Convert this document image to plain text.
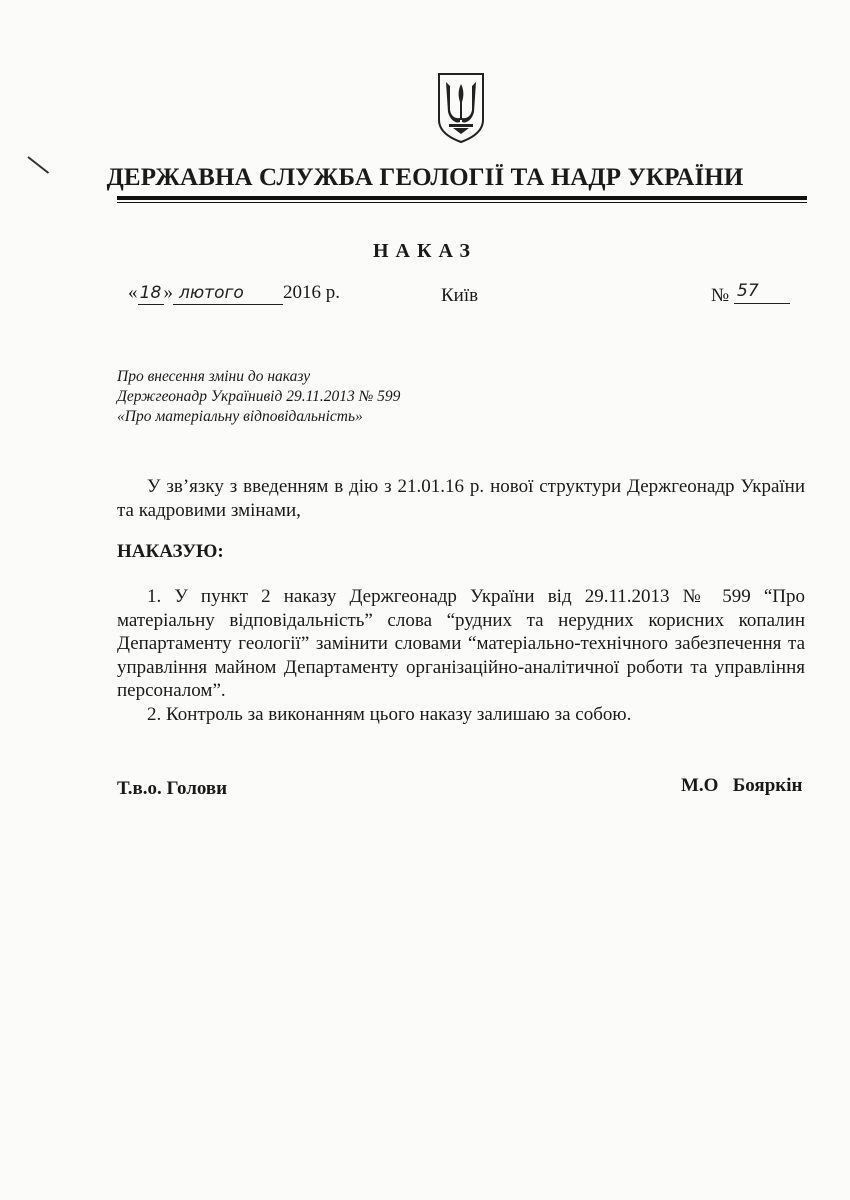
ДЕРЖАВНА СЛУЖБА ГЕОЛОГІЇ ТА НАДР УКРАЇНИ
НАКАЗ
« 18 » лютого 2016 р.	Київ	№ 57
Про внесення зміни до наказу
Держгеонадр Українивід 29.11.2013 № 599
«Про матеріальну відповідальність»

У зв’язку з введенням в дію з 21.01.16 р. нової структури Держгеонадр України та кадровими змінами,

НАКАЗУЮ:

1. У пункт 2 наказу Держгеонадр України від 29.11.2013 № 599 “Про матеріальну відповідальність” слова “рудних та нерудних корисних копалин Департаменту геології” замінити словами “матеріально-технічного забезпечення та управління майном Департаменту організаційно-аналітичної роботи та управління персоналом”.

2. Контроль за виконанням цього наказу залишаю за собою.

Т.в.о. Голови	М.О   Бояркін
